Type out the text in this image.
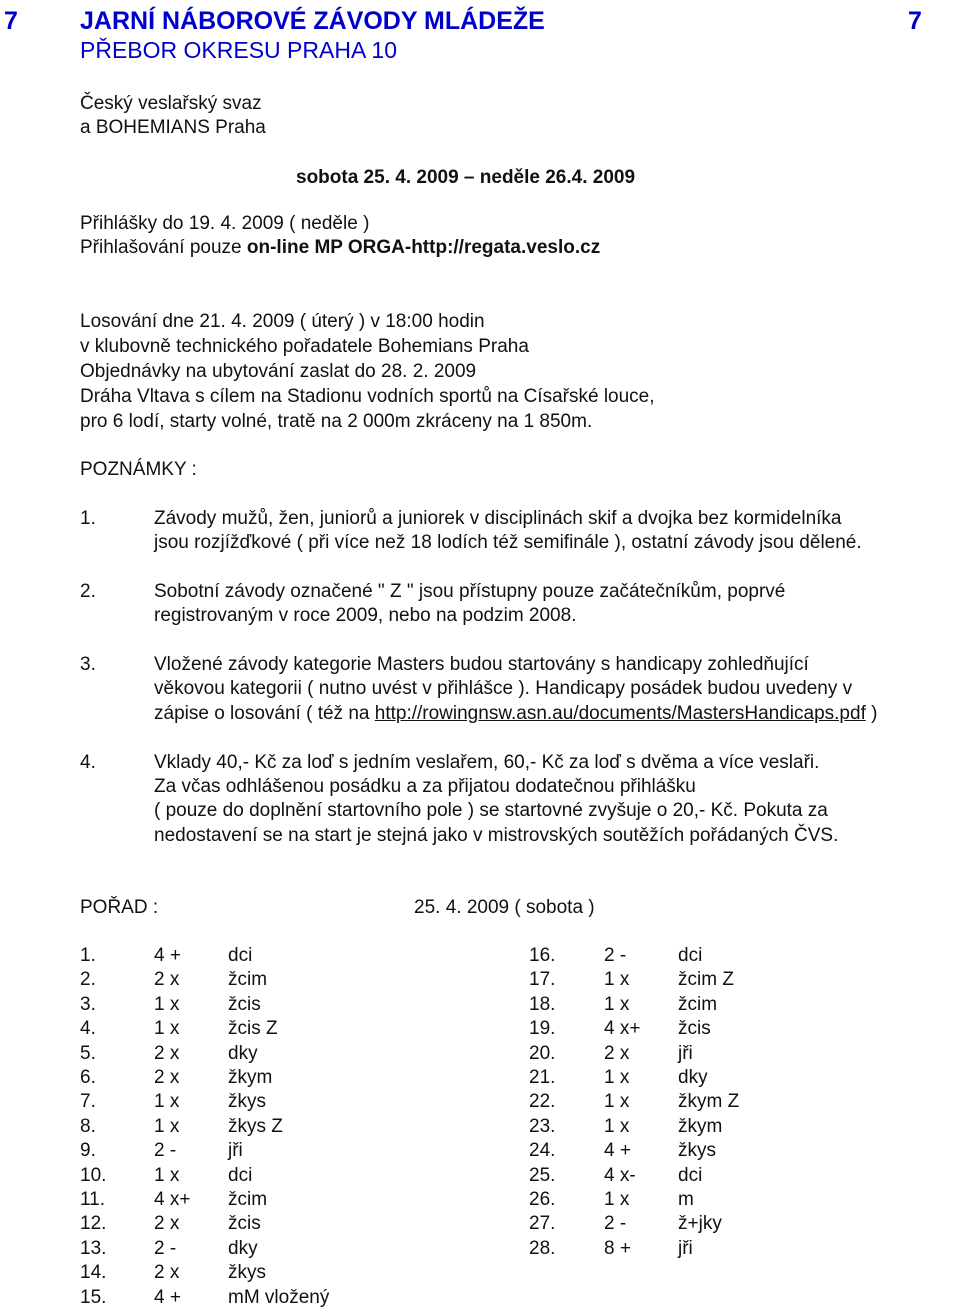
7 JARNÍ NÁBOROVÉ ZÁVODY MLÁDEŽE	7
PŘEBOR OKRESU PRAHA 10
Český veslařský svaz
a BOHEMIANS Praha
sobota 25. 4. 2009 – neděle 26.4. 2009
Přihlášky do 19. 4. 2009 ( neděle )
Přihlašování pouze on-line MP ORGA-http://regata.veslo.cz
Losování dne 21. 4. 2009 ( úterý ) v 18:00 hodin
v klubovně technického pořadatele Bohemians Praha
Objednávky na ubytování zaslat do 28. 2. 2009
Dráha Vltava s cílem na Stadionu vodních sportů na Císařské louce,
pro 6 lodí, starty volné, tratě na 2 000m zkráceny na 1 850m.
POZNÁMKY :
1.	Závody mužů, žen, juniorů a juniorek v disciplinách skif a dvojka bez kormidelníka
jsou rozjížďkové ( při více než 18 lodích též semifinále ), ostatní závody jsou dělené.
2.	Sobotní závody označené " Z " jsou přístupny pouze začátečníkům, poprvé
registrovaným v roce 2009, nebo na podzim 2008.
3.	Vložené závody kategorie Masters budou startovány s handicapy zohledňující
věkovou kategorii ( nutno uvést v přihlášce ). Handicapy posádek budou uvedeny v
zápise o losování ( též na http://rowingnsw.asn.au/documents/MastersHandicaps.pdf )
4.	Vklady 40,- Kč za loď s jedním veslařem, 60,- Kč za loď s dvěma a více veslaři.
Za včas odhlášenou posádku a za přijatou dodatečnou přihlášku
( pouze do doplnění startovního pole ) se startovné zvyšuje o 20,- Kč. Pokuta za
nedostavení se na start je stejná jako v mistrovských soutěžích pořádaných ČVS.
POŘAD :	25. 4. 2009 ( sobota )
1.	4 + dci
2.	2 x	žcim
3.	1 x	žcis
4.	1 x	žcis Z
5.	2 x	dky
6.	2 x	žkym
7.	1 x	žkys
8.	1 x	žkys Z
9.	2 -	jři
10.	1 x	dci
11.	4 x+ žcim
12.	2 x	žcis
13.	2 -	dky
14.	2 x	žkys
15.	4 + mM vložený
16.	2 -	dci
17.	1 x	žcim Z
18.	1 x	žcim
19.	4 x+ žcis
20.	2 x	jři
21.	1 x	dky
22.	1 x	žkym Z
23.	1 x	žkym
24.	4 + žkys
25.	4 x- dci
26.	1 x	m
27.	2 -	ž+jky
28.	8 + jři
